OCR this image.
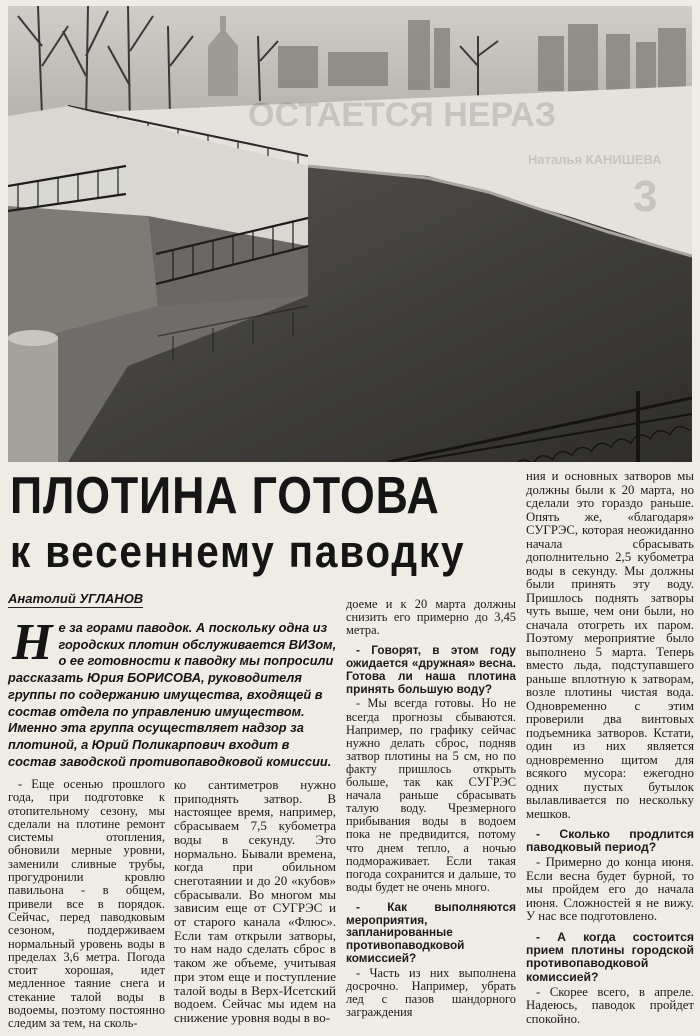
ОСТАЕТСЯ НЕРАЗ
Наталья КАНИШЕВА
3
ПЛОТИНА ГОТОВА
к весеннему паводку
Анатолий УГЛАНОВ

Не за горами паводок. А поскольку одна из городских плотин обслуживается ВИЗом, о ее готовности к паводку мы попросили рассказать Юрия БОРИСОВА, руководителя группы по содержанию имущества, входящей в состав отдела по управлению имуществом. Именно эта группа осуществляет надзор за плотиной, а Юрий Поликарпович входит в состав заводской противопаводковой комиссии.

- Еще осенью прошлого года, при подготовке к отопительному сезону, мы сделали на плотине ремонт системы отопления, обновили мерные уровни, заменили сливные трубы, прогудронили кровлю павильона - в общем, привели все в порядок. Сейчас, перед паводковым сезоном, поддерживаем нормальный уровень воды в пределах 3,6 метра. Погода стоит хорошая, идет медленное таяние снега и стекание талой воды в водоемы, поэтому постоянно следим за тем, на сколь-

ко сантиметров нужно приподнять затвор. В настоящее время, например, сбрасываем 7,5 кубометра воды в секунду. Это нормально. Бывали времена, когда при обильном снеготаянии и до 20 «кубов» сбрасывали. Во многом мы зависим еще от СУГРЭС и от старого канала «Флюс». Если там открыли затворы, то нам надо сделать сброс в таком же объеме, учитывая при этом еще и поступление талой воды в Верх-Исетский водоем. Сейчас мы идем на снижение уровня воды в во-

доеме и к 20 марта должны снизить его примерно до 3,45 метра.

- Говорят, в этом году ожидается «дружная» весна. Готова ли наша плотина принять большую воду?

- Мы всегда готовы. Но не всегда прогнозы сбываются. Например, по графику сейчас нужно делать сброс, подняв затвор плотины на 5 см, но по факту пришлось открыть больше, так как СУГРЭС начала раньше сбрасывать талую воду. Чрезмерного прибывания воды в водоем пока не предвидится, потому что днем тепло, а ночью подмораживает. Если такая погода сохранится и дальше, то воды будет не очень много.

- Как выполняются мероприятия, запланированные противопаводковой комиссией?

- Часть из них выполнена досрочно. Например, убрать лед с пазов шандорного заграждения

ния и основных затворов мы должны были к 20 марта, но сделали это гораздо раньше. Опять же, «благодаря» СУГРЭС, которая неожиданно начала сбрасывать дополнительно 2,5 кубометра воды в секунду. Мы должны были принять эту воду. Пришлось поднять затворы чуть выше, чем они были, но сначала отогреть их паром. Поэтому мероприятие было выполнено 5 марта. Теперь вместо льда, подступавшего раньше вплотную к затворам, возле плотины чистая вода. Одновременно с этим проверили два винтовых подъемника затворов. Кстати, один из них является одновременно щитом для всякого мусора: ежегодно одних пустых бутылок вылавливается по нескольку мешков.

- Сколько продлится паводковый период?

- Примерно до конца июня. Если весна будет бурной, то мы пройдем его до начала июня. Сложностей я не вижу. У нас все подготовлено.

- А когда состоится прием плотины городской противопаводковой комиссией?

- Скорее всего, в апреле. Надеюсь, паводок пройдет спокойно.
